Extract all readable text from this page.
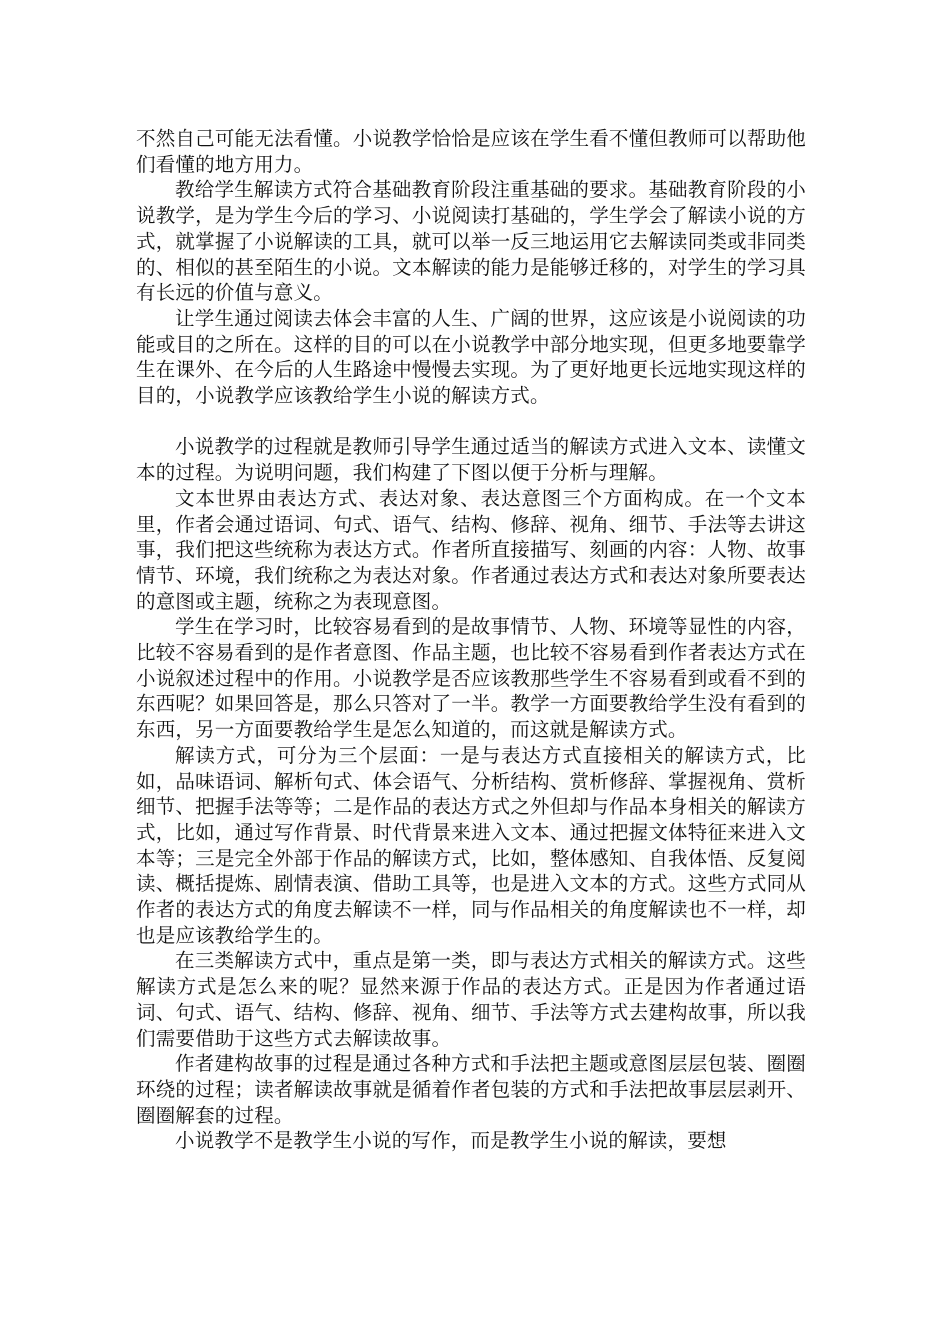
不然自己可能无法看懂。小说教学恰恰是应该在学生看不懂但教师可以帮助他们看懂的地方用力。

教给学生解读方式符合基础教育阶段注重基础的要求。基础教育阶段的小说教学，是为学生今后的学习、小说阅读打基础的，学生学会了解读小说的方式，就掌握了小说解读的工具，就可以举一反三地运用它去解读同类或非同类的、相似的甚至陌生的小说。文本解读的能力是能够迁移的，对学生的学习具有长远的价值与意义。

让学生通过阅读去体会丰富的人生、广阔的世界，这应该是小说阅读的功能或目的之所在。这样的目的可以在小说教学中部分地实现，但更多地要靠学生在课外、在今后的人生路途中慢慢去实现。为了更好地更长远地实现这样的目的，小说教学应该教给学生小说的解读方式。

小说教学的过程就是教师引导学生通过适当的解读方式进入文本、读懂文本的过程。为说明问题，我们构建了下图以便于分析与理解。

文本世界由表达方式、表达对象、表达意图三个方面构成。在一个文本里，作者会通过语词、句式、语气、结构、修辞、视角、细节、手法等去讲这事，我们把这些统称为表达方式。作者所直接描写、刻画的内容：人物、故事情节、环境，我们统称之为表达对象。作者通过表达方式和表达对象所要表达的意图或主题，统称之为表现意图。

学生在学习时，比较容易看到的是故事情节、人物、环境等显性的内容，比较不容易看到的是作者意图、作品主题，也比较不容易看到作者表达方式在小说叙述过程中的作用。小说教学是否应该教那些学生不容易看到或看不到的东西呢？如果回答是，那么只答对了一半。教学一方面要教给学生没有看到的东西，另一方面要教给学生是怎么知道的，而这就是解读方式。

解读方式，可分为三个层面：一是与表达方式直接相关的解读方式，比如，品味语词、解析句式、体会语气、分析结构、赏析修辞、掌握视角、赏析细节、把握手法等等；二是作品的表达方式之外但却与作品本身相关的解读方式，比如，通过写作背景、时代背景来进入文本、通过把握文体特征来进入文本等；三是完全外部于作品的解读方式，比如，整体感知、自我体悟、反复阅读、概括提炼、剧情表演、借助工具等，也是进入文本的方式。这些方式同从作者的表达方式的角度去解读不一样，同与作品相关的角度解读也不一样，却也是应该教给学生的。

在三类解读方式中，重点是第一类，即与表达方式相关的解读方式。这些解读方式是怎么来的呢？显然来源于作品的表达方式。正是因为作者通过语词、句式、语气、结构、修辞、视角、细节、手法等方式去建构故事，所以我们需要借助于这些方式去解读故事。

作者建构故事的过程是通过各种方式和手法把主题或意图层层包装、圈圈环绕的过程；读者解读故事就是循着作者包装的方式和手法把故事层层剥开、圈圈解套的过程。

小说教学不是教学生小说的写作，而是教学生小说的解读，要想
